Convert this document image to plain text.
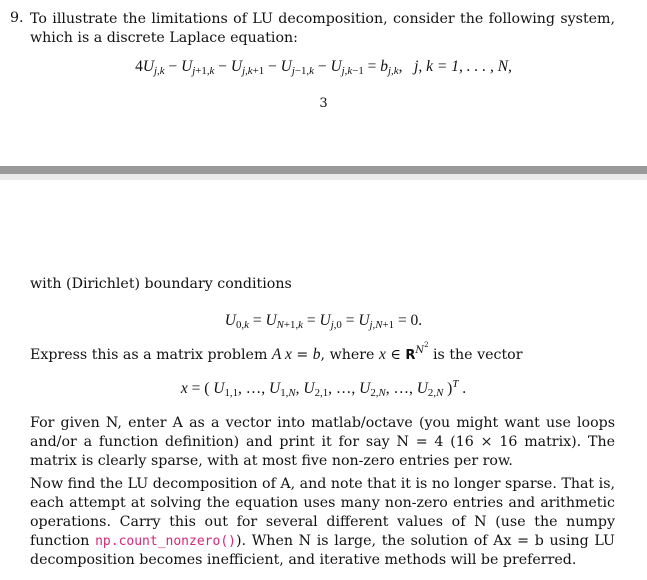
9. To illustrate the limitations of LU decomposition, consider the following system, which is a discrete Laplace equation:
$4U_{j,k} - U_{j+1,k} - U_{j,k+1} - U_{j-1,k} - U_{j,k-1} = b_{j,k}$,   j, k = 1, . . . , N,
3
with (Dirichlet) boundary conditions
$U_{0,k} = U_{N+1,k} = U_{j,0} = U_{j,N+1} = 0$.
Express this as a matrix problem A x = b, where x ∈ $R^{N^2}$ is the vector
x = ( $U_{1,1}$, …, $U_{1,N}$, $U_{2,1}$, …, $U_{2,N}$, …, $U_{2,N}$ )$^T$ .
For given N, enter A as a vector into matlab/octave (you might want use loops and/or a function definition) and print it for say N = 4 (16 × 16 matrix). The matrix is clearly sparse, with at most five non-zero entries per row.
Now find the LU decomposition of A, and note that it is no longer sparse. That is, each attempt at solving the equation uses many non-zero entries and arithmetic operations. Carry this out for several different values of N (use the numpy function np.count_nonzero()). When N is large, the solution of Ax = b using LU decomposition becomes inefficient, and iterative methods will be preferred.
